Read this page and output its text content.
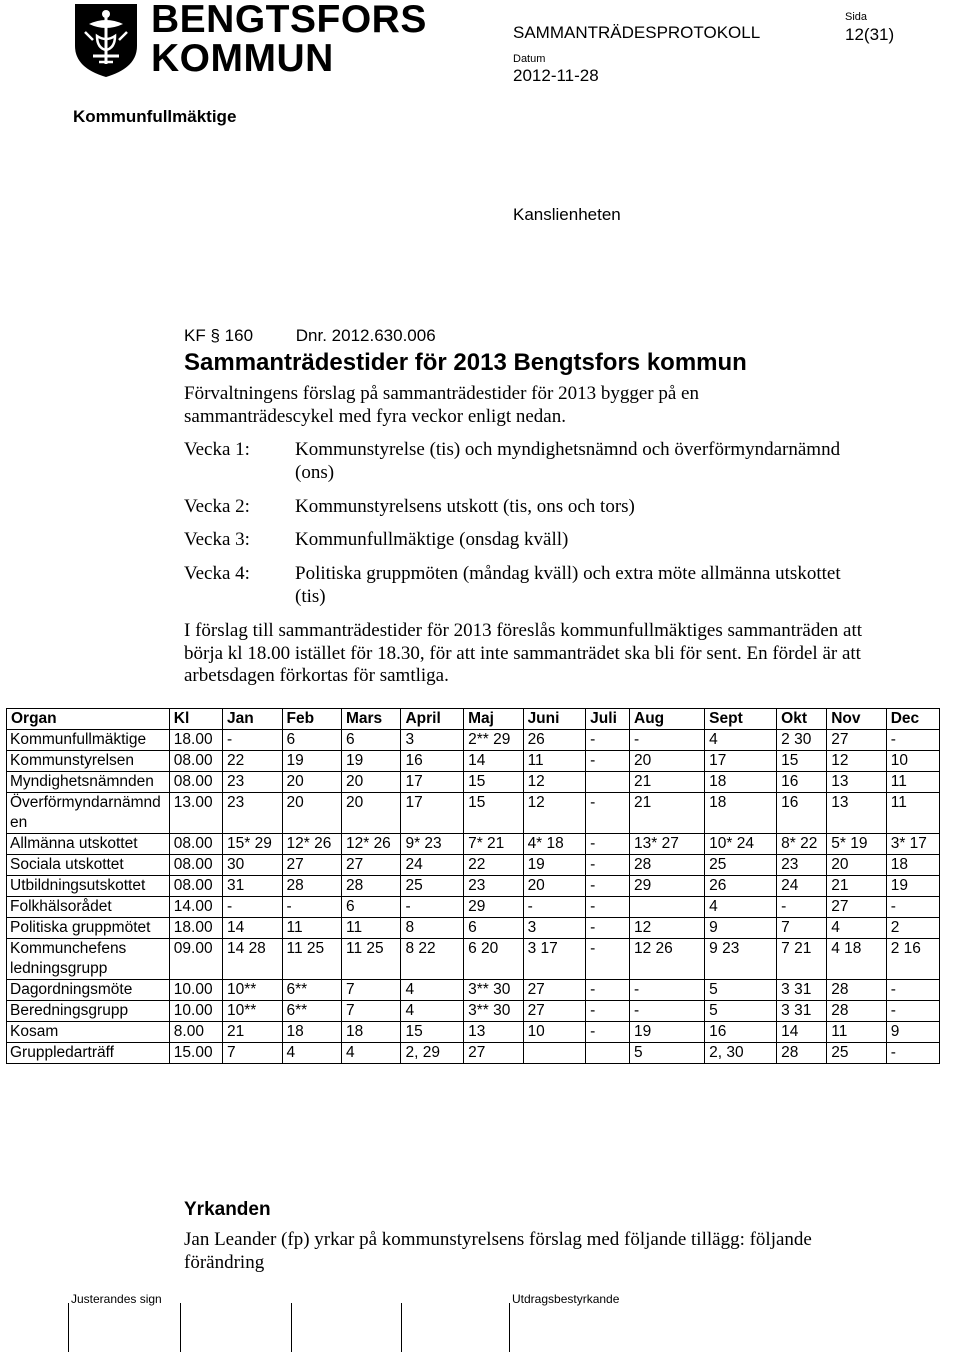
BENGTSFORS
KOMMUN
SAMMANTRÄDESPROTOKOLL
Sida
12(31)
Datum
2012-11-28
Kommunfullmäktige
Kanslienheten
KF § 160	Dnr. 2012.630.006
Sammanträdestider för 2013 Bengtsfors kommun
Förvaltningens förslag på sammanträdestider för 2013 bygger på en sammanträdescykel med fyra veckor enligt nedan.
Vecka 1: Kommunstyrelse (tis) och myndighetsnämnd och överförmyndarnämnd (ons)
Vecka 2: Kommunstyrelsens utskott (tis, ons och tors)
Vecka 3: Kommunfullmäktige (onsdag kväll)
Vecka 4: Politiska gruppmöten (måndag kväll) och extra möte allmänna utskottet (tis)
I förslag till sammanträdestider för 2013 föreslås kommunfullmäktiges sammanträden att börja kl 18.00 istället för 18.30, för att inte sammanträdet ska bli för sent. En fördel är att arbetsdagen förkortas för samtliga.
Organ	Kl	Jan	Feb	Mars	April	Maj	Juni	Juli	Aug	Sept	Okt	Nov	Dec
Kommunfullmäktige	18.00	-	6	6	3	2** 29	26	-	-	4	2 30	27	-
Kommunstyrelsen	08.00	22	19	19	16	14	11	-	20	17	15	12	10
Myndighetsnämnden	08.00	23	20	20	17	15	12		21	18	16	13	11
Överförmyndarnämnden	13.00	23	20	20	17	15	12	-	21	18	16	13	11
Allmänna utskottet	08.00	15* 29	12* 26	12* 26	9* 23	7* 21	4* 18	-	13* 27	10* 24	8* 22	5* 19	3* 17
Sociala utskottet	08.00	30	27	27	24	22	19	-	28	25	23	20	18
Utbildningsutskottet	08.00	31	28	28	25	23	20	-	29	26	24	21	19
Folkhälsorådet	14.00	-	-	6	-	29	-	-		4	-	27	-
Politiska gruppmötet	18.00	14	11	11	8	6	3	-	12	9	7	4	2
Kommunchefens ledningsgrupp	09.00	14 28	11 25	11 25	8 22	6 20	3 17	-	12 26	9 23	7 21	4 18	2 16
Dagordningsmöte	10.00	10**	6**	7	4	3** 30	27	-	-	5	3 31	28	-
Beredningsgrupp	10.00	10**	6**	7	4	3** 30	27	-	-	5	3 31	28	-
Kosam	8.00	21	18	18	15	13	10	-	19	16	14	11	9
Gruppledarträff	15.00	7	4	4	2, 29	27			5	2, 30	28	25	-
Yrkanden
Jan Leander (fp) yrkar på kommunstyrelsens förslag med följande tillägg: följande förändring
Justerandes sign	Utdragsbestyrkande
